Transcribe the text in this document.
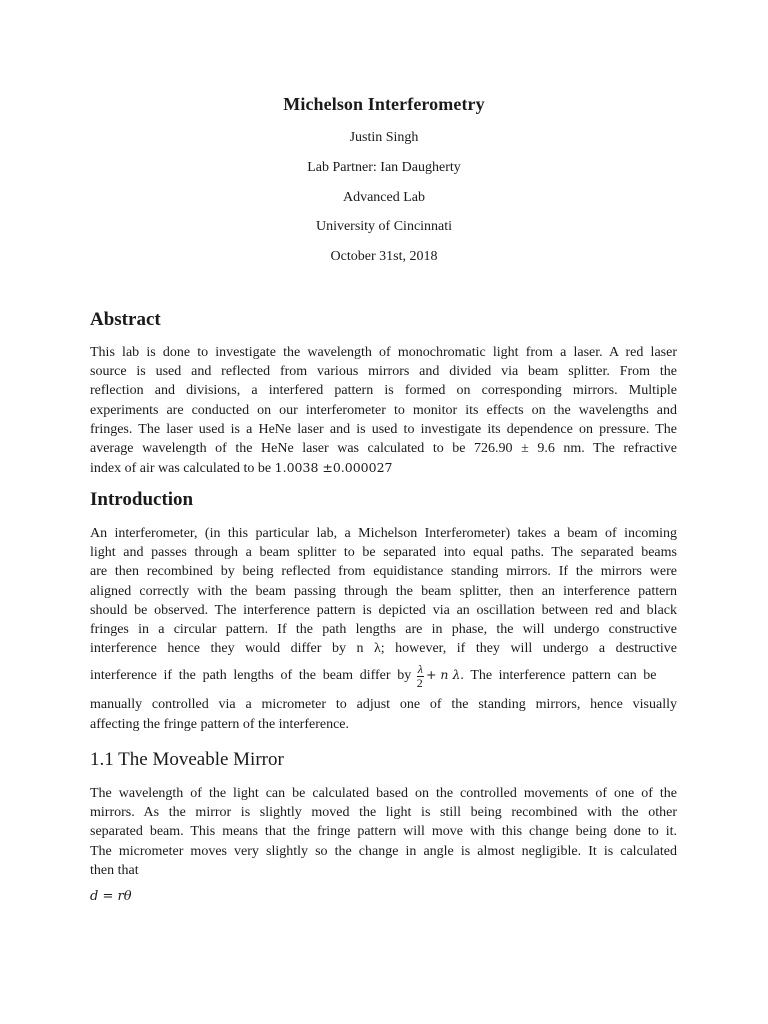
Michelson Interferometry
Justin Singh
Lab Partner: Ian Daugherty
Advanced Lab
University of Cincinnati
October 31st, 2018
Abstract
This lab is done to investigate the wavelength of monochromatic light from a laser. A red laser
source is used and reflected from various mirrors and divided via beam splitter. From the
reflection and divisions, a interfered pattern is formed on corresponding mirrors. Multiple
experiments are conducted on our interferometer to monitor its effects on the wavelengths and
fringes. The laser used is a HeNe laser and is used to investigate its dependence on pressure. The
average wavelength of the HeNe laser was calculated to be 726.90 ± 9.6 nm. The refractive
index of air was calculated to be 1.0038 ±0.000027
Introduction
An interferometer, (in this particular lab, a Michelson Interferometer) takes a beam of incoming
light and passes through a beam splitter to be separated into equal paths. The separated beams
are then recombined by being reflected from equidistance standing mirrors. If the mirrors were
aligned correctly with the beam passing through the beam splitter, then an interference pattern
should be observed. The interference pattern is depicted via an oscillation between red and black
fringes in a circular pattern. If the path lengths are in phase, the will undergo constructive
interference hence they would differ by n λ; however, if they will undergo a destructive
interference if the path lengths of the beam differ by $\frac{\lambda}{2} + n$ λ. The interference pattern can be
manually controlled via a micrometer to adjust one of the standing mirrors, hence visually
affecting the fringe pattern of the interference.
1.1 The Moveable Mirror
The wavelength of the light can be calculated based on the controlled movements of one of the
mirrors. As the mirror is slightly moved the light is still being recombined with the other
separated beam. This means that the fringe pattern will move with this change being done to it.
The micrometer moves very slightly so the change in angle is almost negligible. It is calculated
then that
d = rθ
